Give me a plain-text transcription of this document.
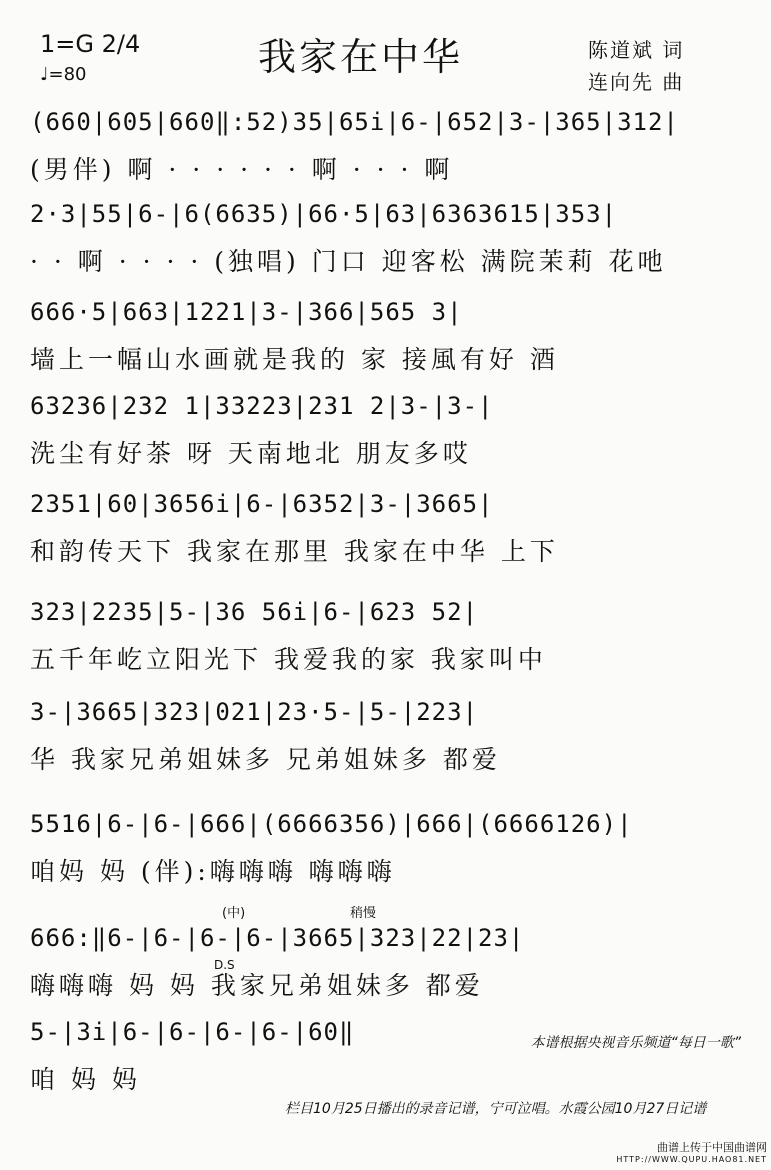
1=G 2/4
♩=80	我家在中华	陈道斌 词
连向先 曲
(660|605|660‖:52)35|65i|6-|652|3-|365|312|
(男伴) 啊 · · · · · · 啊 · · · 啊
2·3|55|6-|6(6635)|66·5|63|6363615|353|
· · 啊 · · · · (独唱) 门口 迎客松 满院茉莉 花吔
666·5|663|1221|3-|366|565 3|
墙上一幅山水画就是我的 家 接風有好 酒
63236|232 1|33223|231 2|3-|3-|
洗尘有好茶 呀 天南地北 朋友多哎
2351|60|3656i|6-|6352|3-|3665|
和韵传天下 我家在那里 我家在中华 上下
323|2235|5-|36 56i|6-|623 52|
五千年屹立阳光下 我爱我的家 我家叫中
3-|3665|323|021|23·5-|5-|223|
华 我家兄弟姐妹多 兄弟姐妹多 都爱
5516|6-|6-|666|(6666356)|666|(6666126)|
咱妈 妈 (伴):嗨嗨嗨 嗨嗨嗨
666:‖6-|6-|6-|6-|3665|323|22|23|
嗨嗨嗨 妈 妈 我家兄弟姐妹多 都爱
5-|3i|6-|6-|6-|6-|60‖
咱 妈 妈
D.S
稍慢
(中)
本谱根据央视音乐频道“每日一歌”
栏目10月25日播出的录音记谱，宁可泣唱。水霞公园10月27日记谱
曲谱上传于中国曲谱网
HTTP://WWW.QUPU.HAO81.NET
